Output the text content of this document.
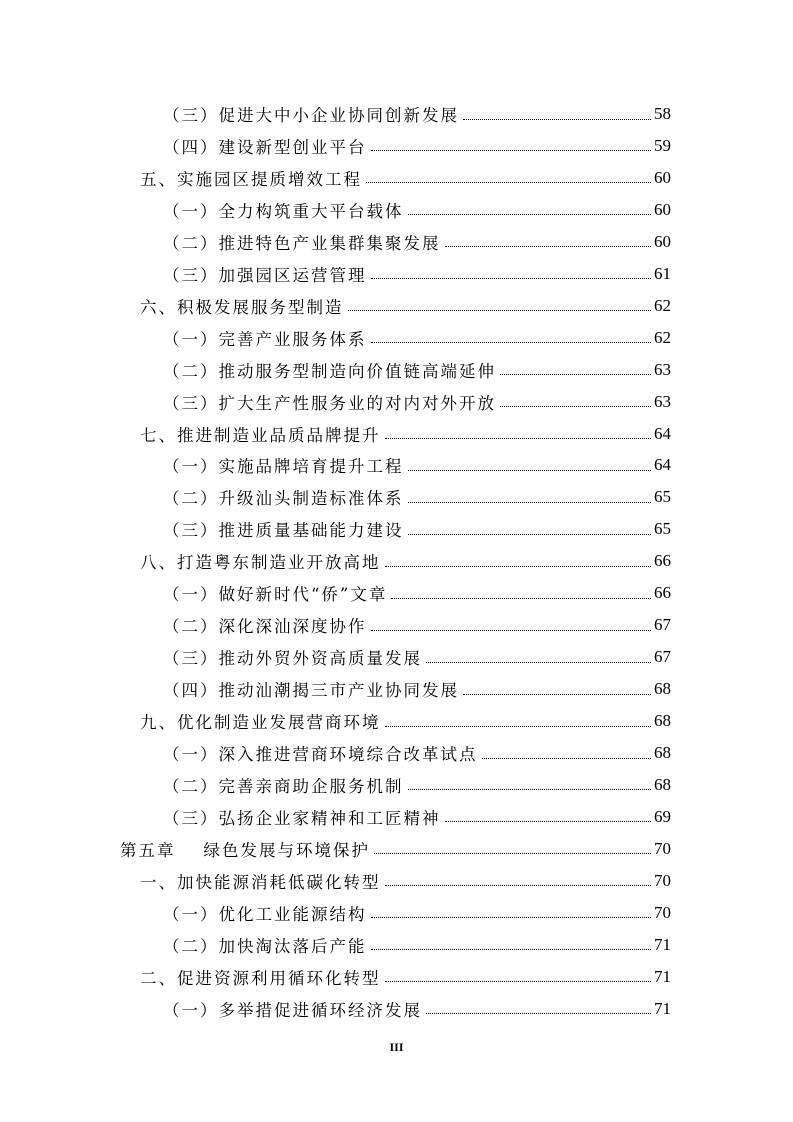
（三）促进大中小企业协同创新发展	58
（四）建设新型创业平台	59
五、实施园区提质增效工程	60
（一）全力构筑重大平台载体	60
（二）推进特色产业集群集聚发展	60
（三）加强园区运营管理	61
六、积极发展服务型制造	62
（一）完善产业服务体系	62
（二）推动服务型制造向价值链高端延伸	63
（三）扩大生产性服务业的对内对外开放	63
七、推进制造业品质品牌提升	64
（一）实施品牌培育提升工程	64
（二）升级汕头制造标准体系	65
（三）推进质量基础能力建设	65
八、打造粤东制造业开放高地	66
（一）做好新时代“侨”文章	66
（二）深化深汕深度协作	67
（三）推动外贸外资高质量发展	67
（四）推动汕潮揭三市产业协同发展	68
九、优化制造业发展营商环境	68
（一）深入推进营商环境综合改革试点	68
（二）完善亲商助企服务机制	68
（三）弘扬企业家精神和工匠精神	69
第五章 绿色发展与环境保护	70
一、加快能源消耗低碳化转型	70
（一）优化工业能源结构	70
（二）加快淘汰落后产能	71
二、促进资源利用循环化转型	71
（一）多举措促进循环经济发展	71
III
